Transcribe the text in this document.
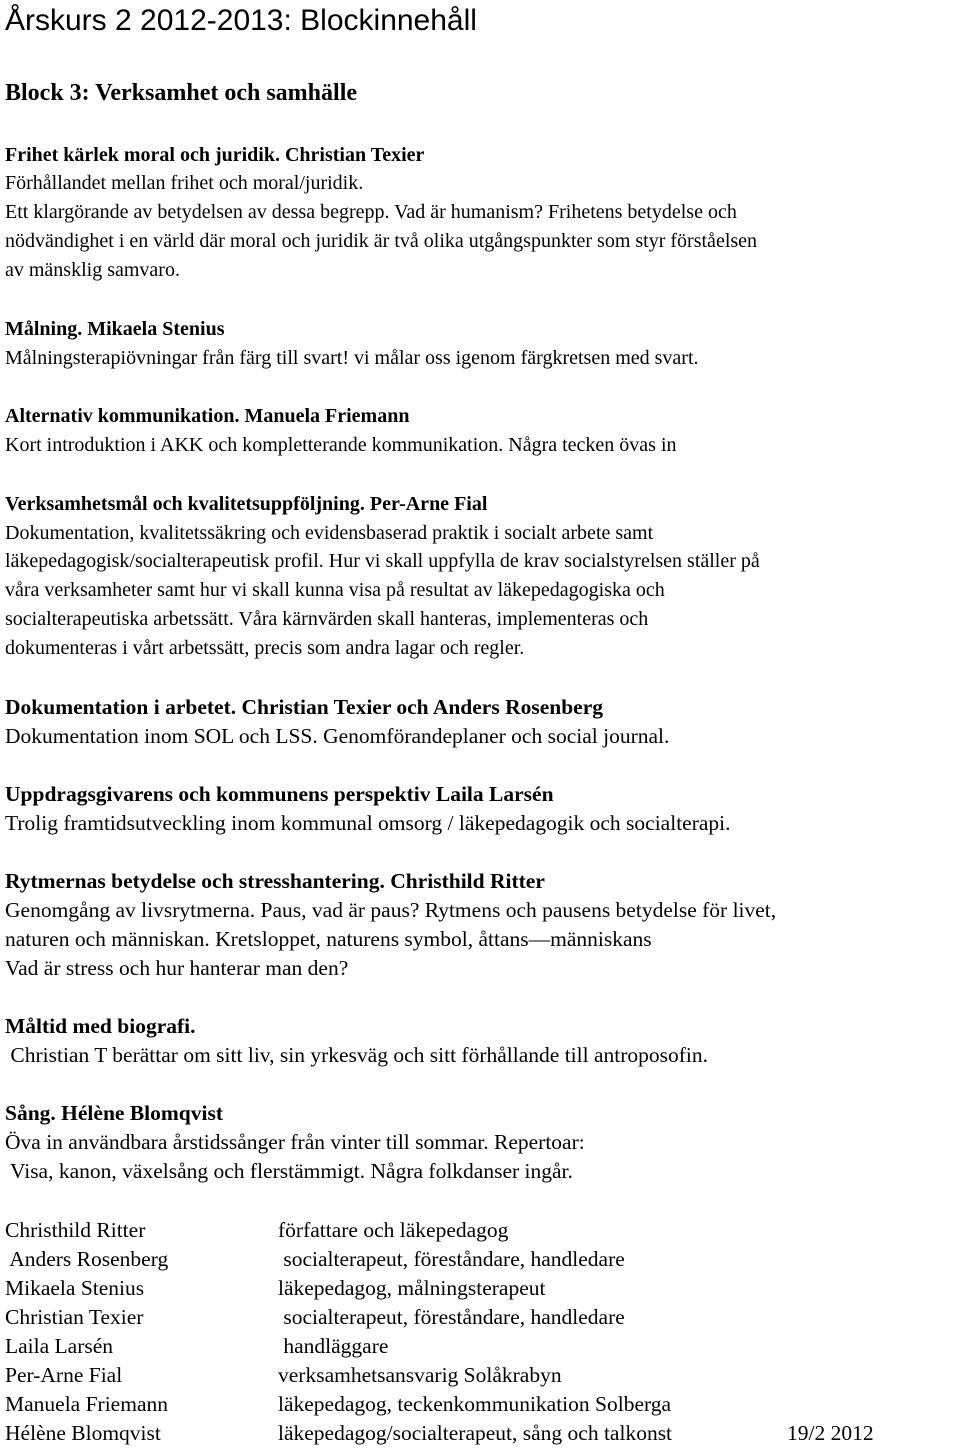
Årskurs 2 2012-2013: Blockinnehåll
Block 3: Verksamhet och samhälle
Frihet kärlek moral och juridik. Christian Texier
Förhållandet mellan frihet och moral/juridik.
Ett klargörande av betydelsen av dessa begrepp. Vad är humanism? Frihetens betydelse och
nödvändighet i en värld där moral och juridik är två olika utgångspunkter som styr förståelsen
av mänsklig samvaro.
Målning. Mikaela Stenius
Målningsterapiövningar från färg till svart! vi målar oss igenom färgkretsen med svart.
Alternativ kommunikation. Manuela Friemann
Kort introduktion i AKK och kompletterande kommunikation. Några tecken övas in
Verksamhetsmål och kvalitetsuppföljning. Per-Arne Fial
Dokumentation, kvalitetssäkring och evidensbaserad praktik i socialt arbete samt
läkepedagogisk/socialterapeutisk profil. Hur vi skall uppfylla de krav socialstyrelsen ställer på
våra verksamheter samt hur vi skall kunna visa på resultat av läkepedagogiska och
socialterapeutiska arbetssätt. Våra kärnvärden skall hanteras, implementeras och
dokumenteras i vårt arbetssätt, precis som andra lagar och regler.
Dokumentation i arbetet. Christian Texier och Anders Rosenberg
Dokumentation inom SOL och LSS. Genomförandeplaner och social journal.
Uppdragsgivarens och kommunens perspektiv Laila Larsén
Trolig framtidsutveckling inom kommunal omsorg / läkepedagogik och socialterapi.
Rytmernas betydelse och stresshantering. Christhild Ritter
Genomgång av livsrytmerna. Paus, vad är paus? Rytmens och pausens betydelse för livet,
naturen och människan. Kretsloppet, naturens symbol, åttans—människans
Vad är stress och hur hanterar man den?
Måltid med biografi.
Christian T berättar om sitt liv, sin yrkesväg och sitt förhållande till antroposofin.
Sång. Hélène Blomqvist
Öva in användbara årstidssånger från vinter till sommar. Repertoar:
Visa, kanon, växelsång och flerstämmigt. Några folkdanser ingår.
Christhild Ritter	författare och läkepedagog
Anders Rosenberg	socialterapeut, föreståndare, handledare
Mikaela Stenius	läkepedagog, målningsterapeut
Christian Texier	socialterapeut, föreståndare, handledare
Laila Larsén	handläggare
Per-Arne Fial	verksamhetsansvarig Solåkrabyn
Manuela Friemann	läkepedagog, teckenkommunikation Solberga
Hélène Blomqvist	läkepedagog/socialterapeut, sång och talkonst	19/2 2012
